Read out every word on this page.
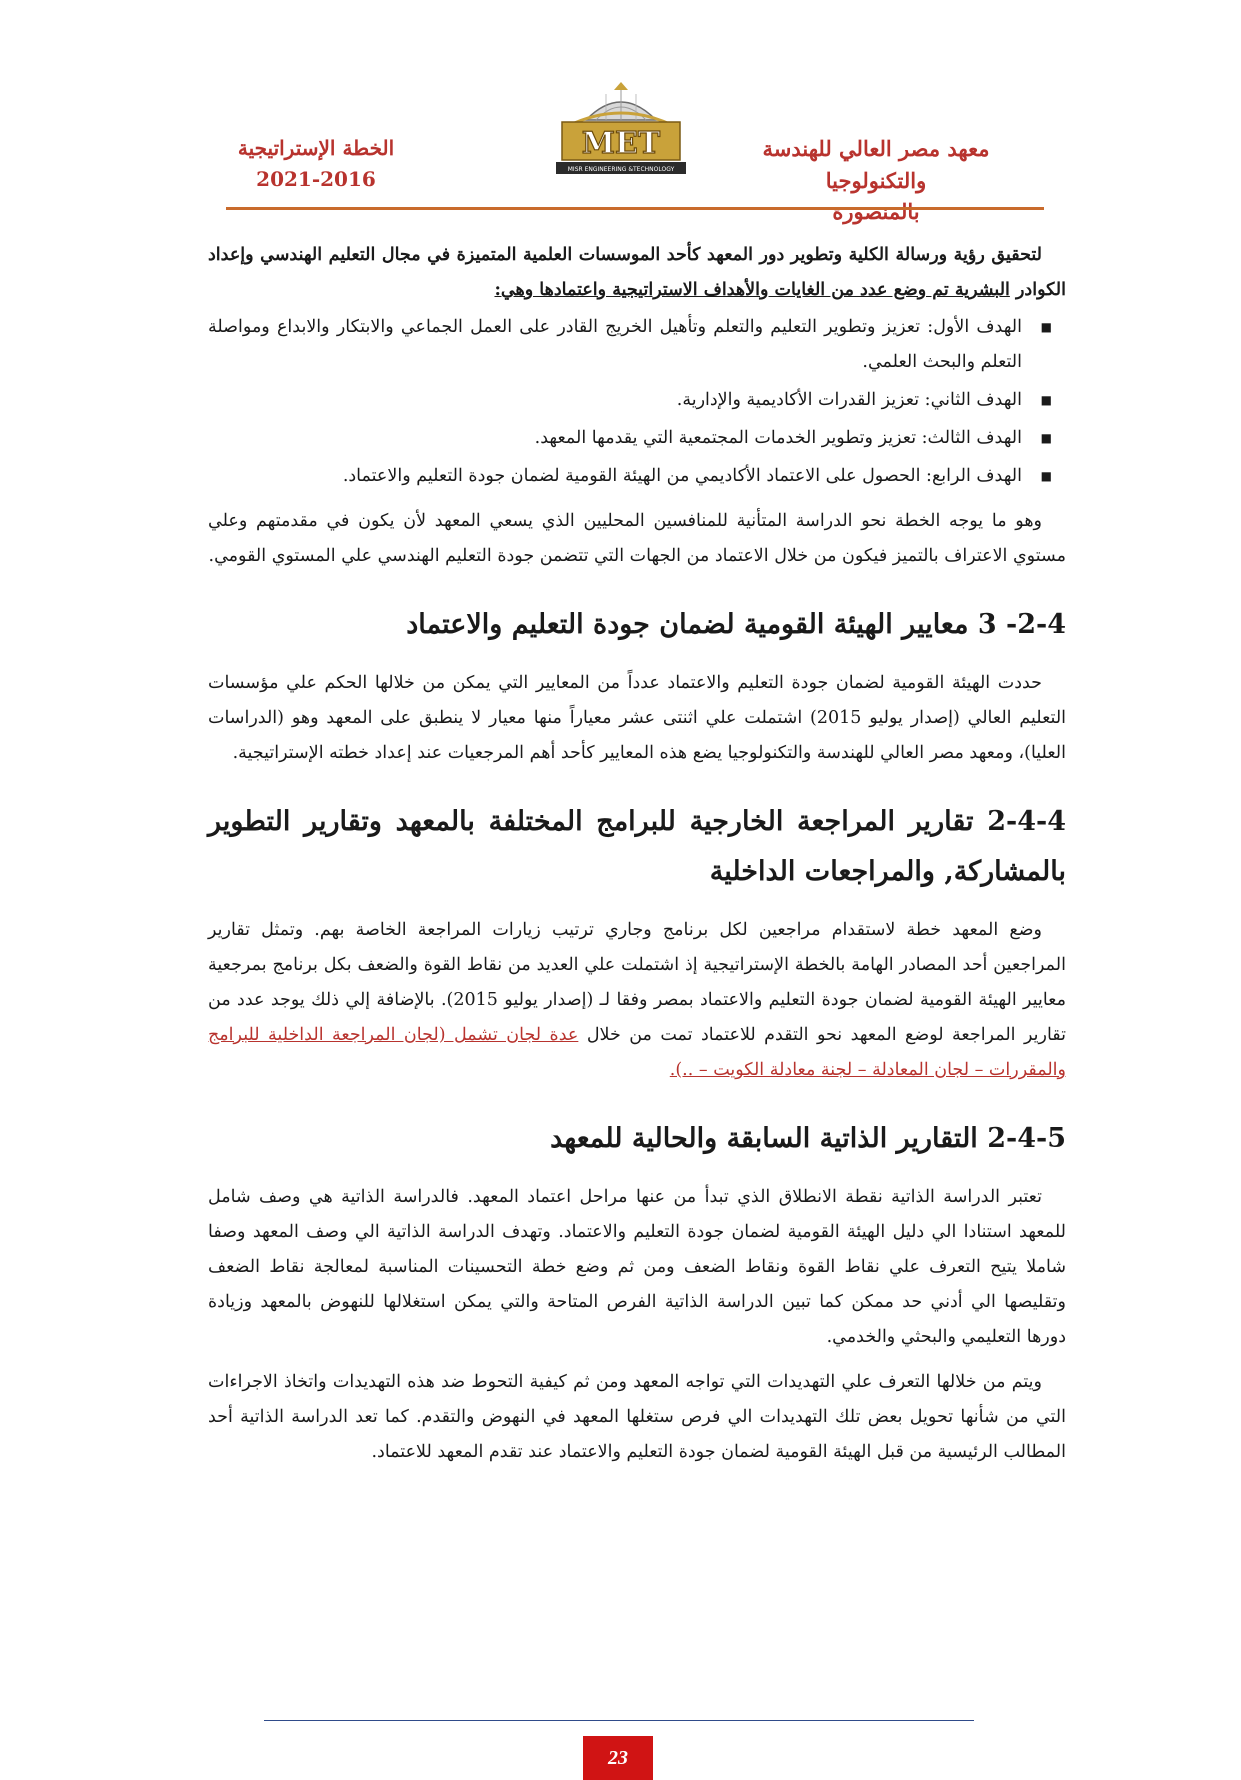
معهد مصر العالي للهندسة والتكنولوجيا
بالمنصورة
MET
MISR ENGINEERING &TECHNOLOGY
الخطة الإستراتيجية
2021-2016

لتحقيق رؤية ورسالة الكلية وتطوير دور المعهد كأحد الموسسات العلمية المتميزة في مجال التعليم الهندسي وإعداد الكوادر البشرية تم وضع عدد من الغايات والأهداف الاستراتيجية واعتمادها وهي:

■
الهدف الأول: تعزيز وتطوير التعليم والتعلم وتأهيل الخريج القادر على العمل الجماعي والابتكار والابداع ومواصلة التعلم والبحث العلمي.
■
الهدف الثاني: تعزيز القدرات الأكاديمية والإدارية.
■
الهدف الثالث: تعزيز وتطوير الخدمات المجتمعية التي يقدمها المعهد.
■
الهدف الرابع: الحصول على الاعتماد الأكاديمي من الهيئة القومية لضمان جودة التعليم والاعتماد.

وهو ما يوجه الخطة نحو الدراسة المتأنية للمنافسين المحليين الذي يسعي المعهد لأن يكون في مقدمتهم وعلي مستوي الاعتراف بالتميز فيكون من خلال الاعتماد من الجهات التي تتضمن جودة التعليم الهندسي علي المستوي القومي.

2-4- 3 معايير الهيئة القومية لضمان جودة التعليم والاعتماد

حددت الهيئة القومية لضمان جودة التعليم والاعتماد عدداً من المعايير التي يمكن من خلالها الحكم علي مؤسسات التعليم العالي (إصدار يوليو 2015) اشتملت علي اثنتى عشر معياراً منها معيار لا ينطبق على المعهد وهو (الدراسات العليا)، ومعهد مصر العالي للهندسة والتكنولوجيا يضع هذه المعايير كأحد أهم المرجعيات عند إعداد خطته الإستراتيجية.

2-4-4 تقارير المراجعة الخارجية للبرامج المختلفة بالمعهد وتقارير التطوير بالمشاركة, والمراجعات الداخلية

وضع المعهد خطة لاستقدام مراجعين لكل برنامج وجاري ترتيب زيارات المراجعة الخاصة بهم. وتمثل تقارير المراجعين أحد المصادر الهامة بالخطة الإستراتيجية إذ اشتملت علي العديد من نقاط القوة والضعف بكل برنامج بمرجعية معايير الهيئة القومية لضمان جودة التعليم والاعتماد بمصر وفقا لـ (إصدار يوليو 2015). بالإضافة إلي ذلك يوجد عدد من تقارير المراجعة لوضع المعهد نحو التقدم للاعتماد تمت من خلال عدة لجان تشمل (لجان المراجعة الداخلية للبرامج والمقررات – لجان المعادلة – لجنة معادلة الكويت – ..).

2-4-5 التقارير الذاتية السابقة والحالية للمعهد

تعتبر الدراسة الذاتية نقطة الانطلاق الذي تبدأ من عنها مراحل اعتماد المعهد. فالدراسة الذاتية هي وصف شامل للمعهد استنادا الي دليل الهيئة القومية لضمان جودة التعليم والاعتماد. وتهدف الدراسة الذاتية الي وصف المعهد وصفا شاملا يتيح التعرف علي نقاط القوة ونقاط الضعف ومن ثم وضع خطة التحسينات المناسبة لمعالجة نقاط الضعف وتقليصها الي أدني حد ممكن كما تبين الدراسة الذاتية الفرص المتاحة والتي يمكن استغلالها للنهوض بالمعهد وزيادة دورها التعليمي والبحثي والخدمي.

ويتم من خلالها التعرف علي التهديدات التي تواجه المعهد ومن ثم كيفية التحوط ضد هذه التهديدات واتخاذ الاجراءات التي من شأنها تحويل بعض تلك التهديدات الي فرص ستغلها المعهد في النهوض والتقدم. كما تعد الدراسة الذاتية أحد المطالب الرئيسية من قبل الهيئة القومية لضمان جودة التعليم والاعتماد عند تقدم المعهد للاعتماد.

23
